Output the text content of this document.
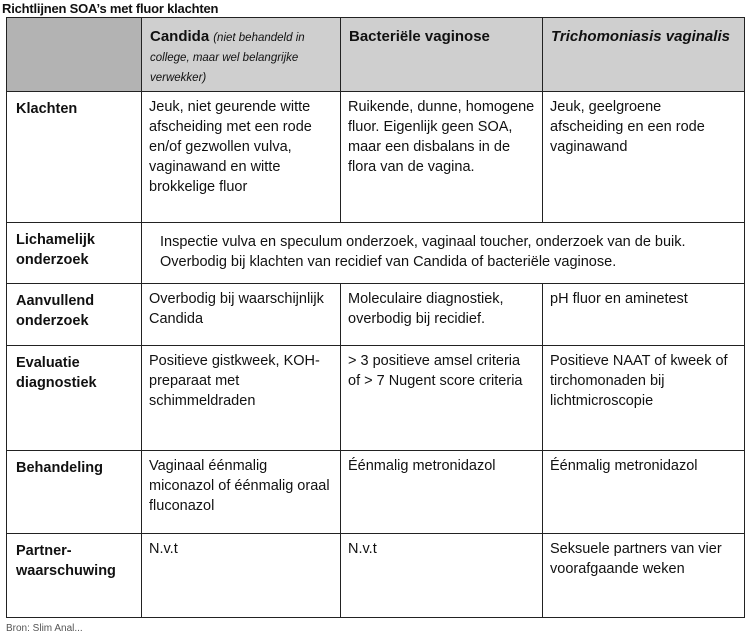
Richtlijnen SOA’s met fluor klachten

	Candida (niet behandeld in college, maar wel belangrijke verwekker)	Bacteriële vaginose	Trichomoniasis vaginalis

Klachten	Jeuk, niet geurende witte afscheiding met een rode en/of gezwollen vulva, vaginawand en witte brokkelige fluor	Ruikende, dunne, homogene fluor. Eigenlijk geen SOA, maar een disbalans in de flora van de vagina.	Jeuk, geelgroene afscheiding en een rode vaginawand

Lichamelijk onderzoek	Inspectie vulva en speculum onderzoek, vaginaal toucher, onderzoek van de buik. Overbodig bij klachten van recidief van Candida of bacteriële vaginose.		

Aanvullend onderzoek	Overbodig bij waarschijnlijk Candida	Moleculaire diagnostiek, overbodig bij recidief.	pH fluor en aminetest

Evaluatie diagnostiek	Positieve gistkweek, KOH-preparaat met schimmeldraden	> 3 positieve amsel criteria of > 7 Nugent score criteria	Positieve NAAT of kweek of tirchomonaden bij lichtmicroscopie

Behandeling	Vaginaal éénmalig miconazol of éénmalig oraal fluconazol	Éénmalig metronidazol	Éénmalig metronidazol

Partner-waarschuwing	N.v.t	N.v.t	Seksuele partners van vier voorafgaande weken
Bron: Slim Anal...
